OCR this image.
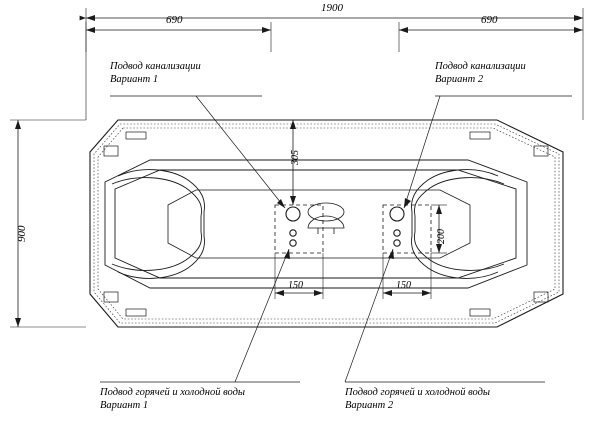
1900
690	690
900
305
200
150	150
Подвод канализации
Вариант 1
Подвод канализации
Вариант 2
Подвод горячей и холодной воды
Вариант 1
Подвод горячей и холодной воды
Вариант 2
